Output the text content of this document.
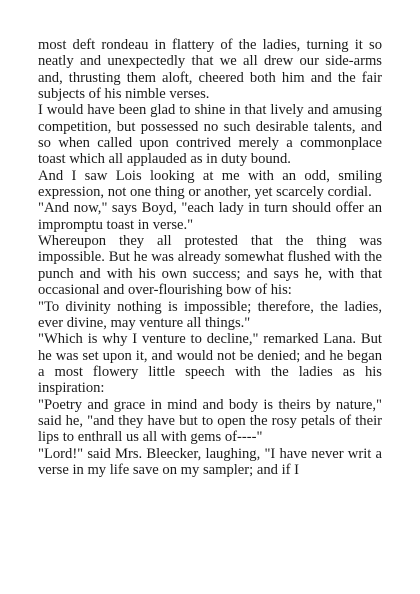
most deft rondeau in flattery of the ladies, turning it so neatly and unexpectedly that we all drew our side-arms and, thrusting them aloft, cheered both him and the fair subjects of his nimble verses.

I would have been glad to shine in that lively and amusing competition, but possessed no such desirable talents, and so when called upon contrived merely a commonplace toast which all applauded as in duty bound.

And I saw Lois looking at me with an odd, smiling expression, not one thing or another, yet scarcely cordial.

"And now," says Boyd, "each lady in turn should offer an impromptu toast in verse."

Whereupon they all protested that the thing was impossible. But he was already somewhat flushed with the punch and with his own success; and says he, with that occasional and over-flourishing bow of his:

"To divinity nothing is impossible; therefore, the ladies, ever divine, may venture all things."

"Which is why I venture to decline," remarked Lana. But he was set upon it, and would not be denied; and he began a most flowery little speech with the ladies as his inspiration:

"Poetry and grace in mind and body is theirs by nature," said he, "and they have but to open the rosy petals of their lips to enthrall us all with gems of----"

"Lord!" said Mrs. Bleecker, laughing, "I have never writ a verse in my life save on my sampler; and if I
